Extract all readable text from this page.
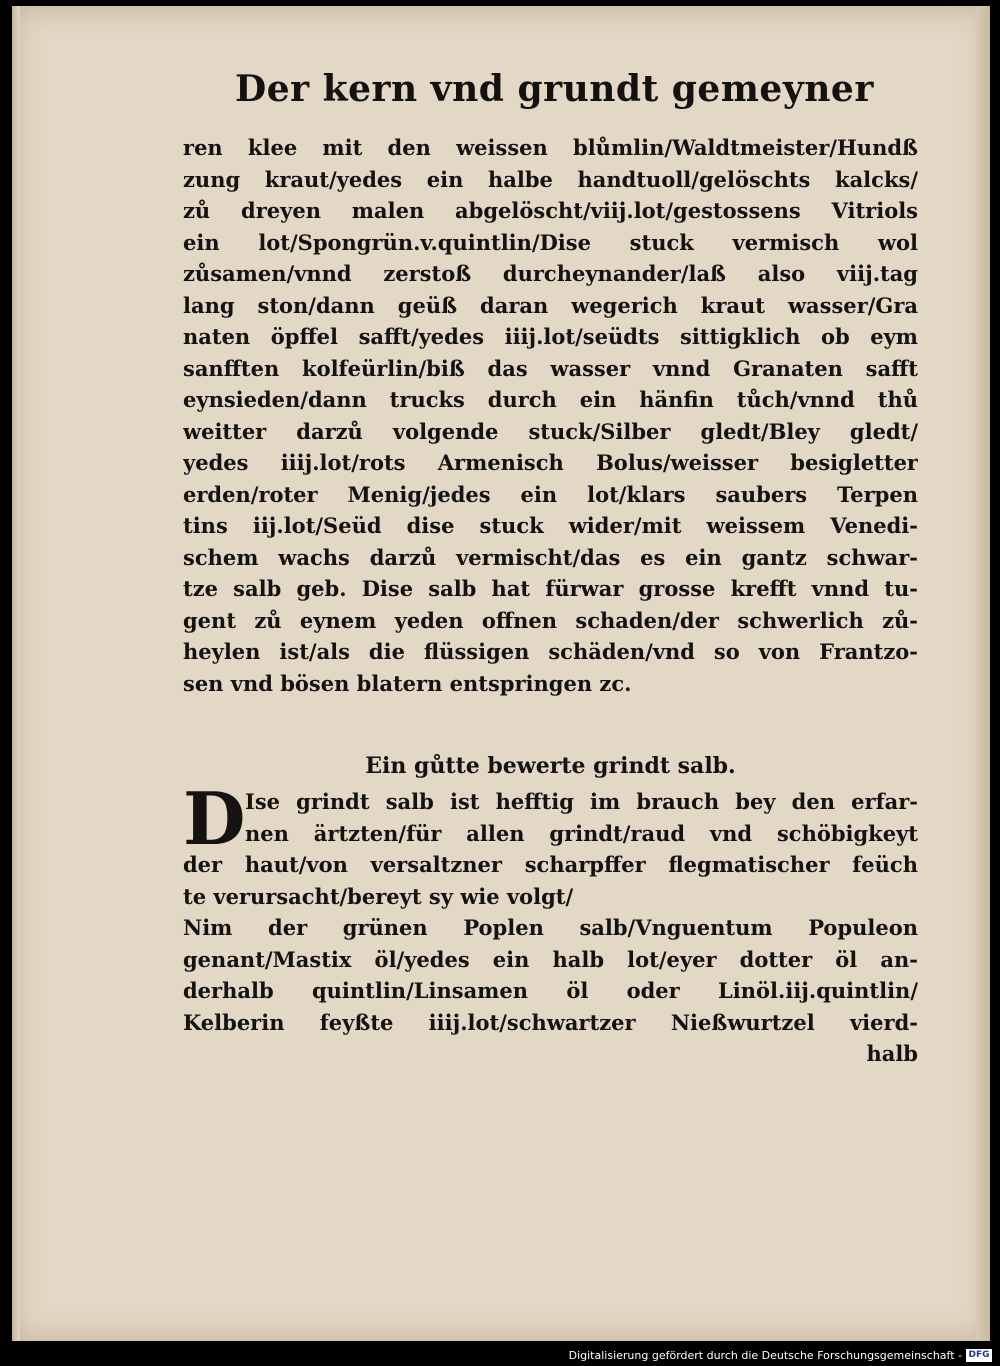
Der kern vnd grundt gemeyner
ren klee mit den weissen blůmlin/Waldtmeister/Hundß
zung kraut/yedes ein halbe handtuoll/gelöschts kalcks/
zů dreyen malen abgelöscht/viij.lot/gestossens Vitriols
ein lot/Spongrün.v.quintlin/Dise stuck vermisch wol
zůsamen/vnnd zerstoß durcheynander/laß also viij.tag
lang ston/dann geüß daran wegerich kraut wasser/Gra
naten öpffel safft/yedes iiij.lot/seüdts sittigklich ob eym
sanfften kolfeürlin/biß das wasser vnnd Granaten safft
eynsieden/dann trucks durch ein hänfin tůch/vnnd thů
weitter darzů volgende stuck/Silber gledt/Bley gledt/
yedes iiij.lot/rots Armenisch Bolus/weisser besigletter
erden/roter Menig/jedes ein lot/klars saubers Terpen
tins iij.lot/Seüd dise stuck wider/mit weissem Venedi-
schem wachs darzů vermischt/das es ein gantz schwar-
tze salb geb. Dise salb hat fürwar grosse krefft vnnd tu-
gent zů eynem yeden offnen schaden/der schwerlich zů-
heylen ist/als die flüssigen schäden/vnd so von Frantzo-
sen vnd bösen blatern entspringen zc.
Ein gůtte bewerte grindt salb.
D Ise grindt salb ist hefftig im brauch bey den erfar-
nen ärtzten/für allen grindt/raud vnd schöbigkeyt
der haut/von versaltzner scharpffer flegmatischer feüch
te verursacht/bereyt sy wie volgt/
Nim der grünen Poplen salb/Vnguentum Populeon
genant/Mastix öl/yedes ein halb lot/eyer dotter öl an-
derhalb quintlin/Linsamen öl oder Linöl.iij.quintlin/
Kelberin feyßte iiij.lot/schwartzer Nießwurtzel vierd-
halb
Digitalisierung gefördert durch die Deutsche Forschungsgemeinschaft - DFG
